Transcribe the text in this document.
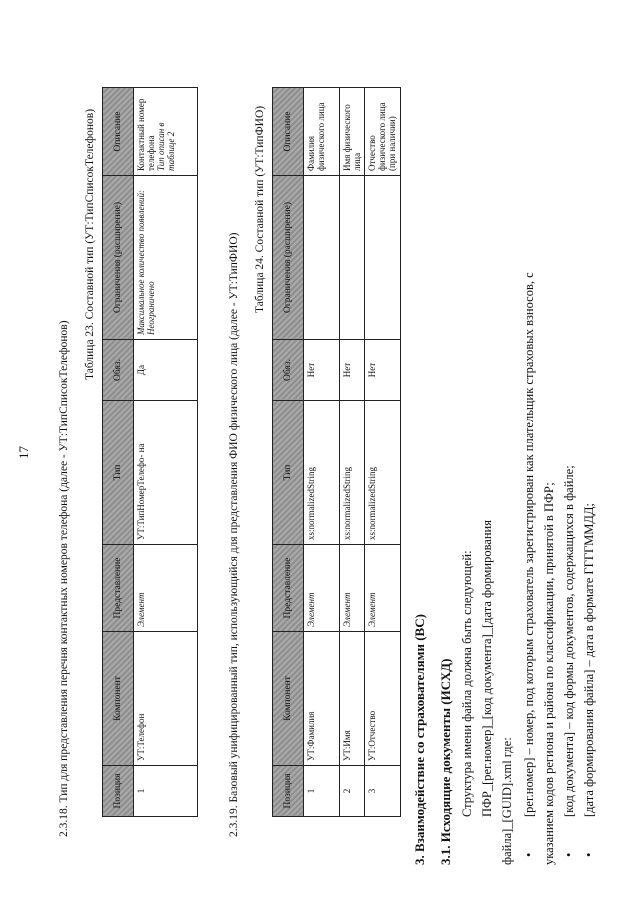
17 2.3.18. Тип для представления перечня контактных номеров телефона (далее - УТ:ТипСписокТелефонов)
Таблица 23. Составной тип (УТ:ТипСписокТелефонов)
Позиция	Компонент	Представление	Тип	Обяз.	Ограничения (расширение)	Описание
1	УТ:Телефон	Элемент	УТ:ТипНомерТелефо- на	Да	Максимальное количество появлений: Неограничено	Контактный номер телефона Тип описан в таблице 2
2.3.19. Базовый унифицированный тип, использующийся для представления ФИО физического лица (далее - УТ:ТипФИО)
Таблица 24. Составной тип (УТ:ТипФИО)
Позиция	Компонент	Представление	Тип	Обяз.	Ограничения (расширение)	Описание
1	УТ:Фамилия	Элемент	xs:normalizedString	Нет		Фамилия физического лица
2	УТ:Имя	Элемент	xs:normalizedString	Нет		Имя физического лица
3	УТ:Отчество	Элемент	xs:normalizedString	Нет		Отчество физического лица (при наличии)
3. Взаимодействие со страхователями (ВС) 3.1. Исходящие документы (ИСХД) Структура имени файла должна быть следующей: ПФР_[рег.номер]_[код документа]_[дата формирования файла]_[GUID].xml где: •
[рег.номер] – номер, под которым страхователь зарегистрирован как плательщик страховых взносов, с указанием кодов региона и района по классификации, принятой в ПФР; •
[код документа] – код формы документов, содержащихся в файле;
•
[дата формирования файла] – дата в формате ГГГГММДД;
